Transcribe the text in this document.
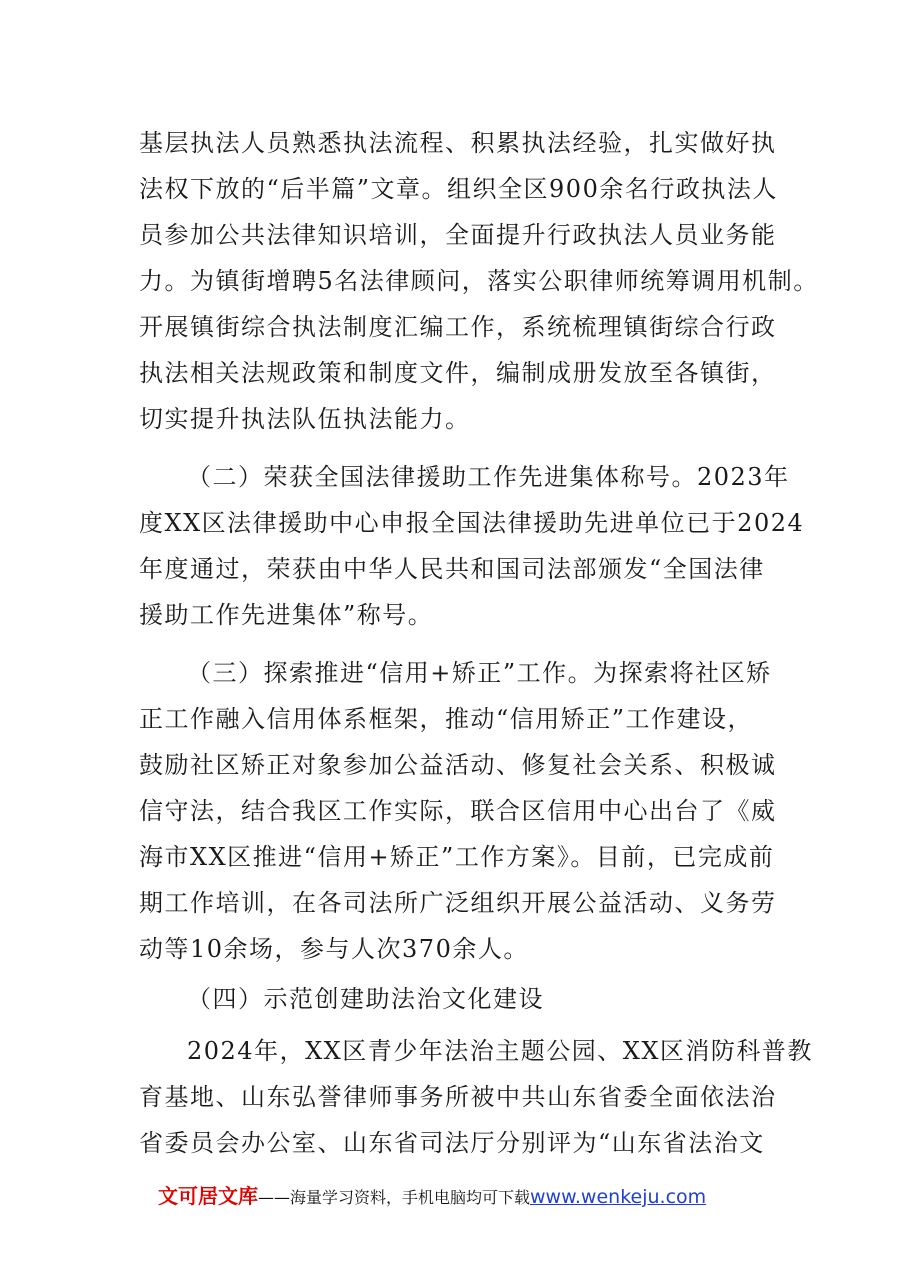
基层执法人员熟悉执法流程、积累执法经验，扎实做好执
法权下放的“后半篇”文章。组织全区900余名行政执法人
员参加公共法律知识培训，全面提升行政执法人员业务能
力。为镇街增聘5名法律顾问，落实公职律师统筹调用机制。
开展镇街综合执法制度汇编工作，系统梳理镇街综合行政
执法相关法规政策和制度文件，编制成册发放至各镇街，
切实提升执法队伍执法能力。
（二）荣获全国法律援助工作先进集体称号。2023年
度XX区法律援助中心申报全国法律援助先进单位已于2024
年度通过，荣获由中华人民共和国司法部颁发“全国法律
援助工作先进集体”称号。
（三）探索推进“信用+矫正”工作。为探索将社区矫
正工作融入信用体系框架，推动“信用矫正”工作建设，
鼓励社区矫正对象参加公益活动、修复社会关系、积极诚
信守法，结合我区工作实际，联合区信用中心出台了《威
海市XX区推进“信用+矫正”工作方案》。目前，已完成前
期工作培训，在各司法所广泛组织开展公益活动、义务劳
动等10余场，参与人次370余人。
（四）示范创建助法治文化建设
2024年，XX区青少年法治主题公园、XX区消防科普教
育基地、山东弘誉律师事务所被中共山东省委全面依法治
省委员会办公室、山东省司法厅分别评为“山东省法治文
文可居文库——海量学习资料，手机电脑均可下载www.wenkeju.com
